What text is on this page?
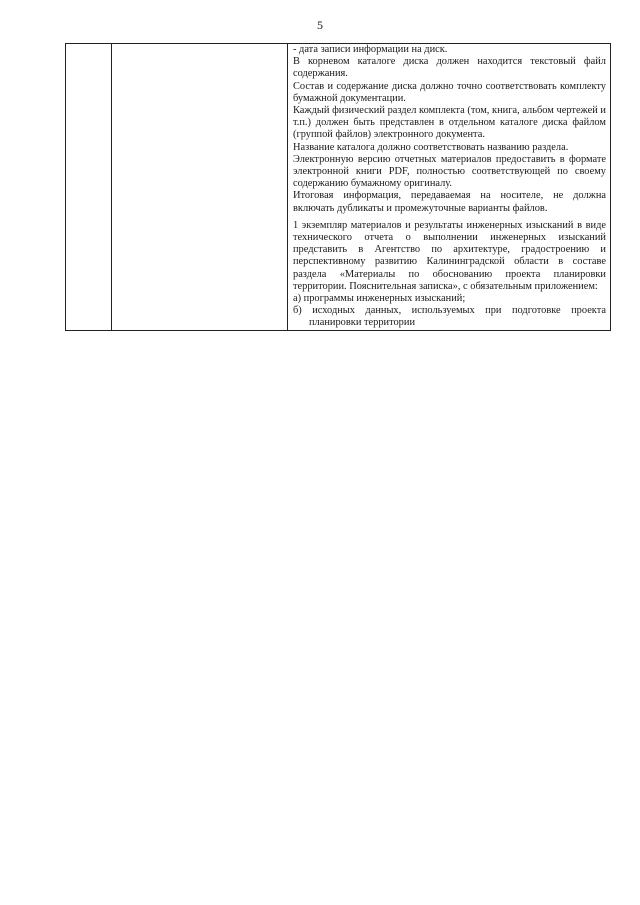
5

- дата записи информации на диск.

В корневом каталоге диска должен находится текстовый файл содержания.

Состав и содержание диска должно точно соответствовать комплекту бумажной документации.

Каждый физический раздел комплекта (том, книга, альбом чертежей и т.п.) должен быть представлен в отдельном каталоге диска файлом (группой файлов) электронного документа.

Название каталога должно соответствовать названию раздела.

Электронную версию отчетных материалов предоставить в формате электронной книги PDF, полностью соответствующей по своему содержанию бумажному оригиналу.

Итоговая информация, передаваемая на носителе, не должна включать дубликаты и промежуточные варианты файлов.

1 экземпляр материалов и результаты инженерных изысканий в виде технического отчета о выполнении инженерных изысканий представить в Агентство по архитектуре, градостроению и перспективному развитию Калининградской области в составе раздела «Материалы по обоснованию проекта планировки территории. Пояснительная записка», с обязательным приложением:

а) программы инженерных изысканий;

б) исходных данных, используемых при подготовке проекта планировки территории
